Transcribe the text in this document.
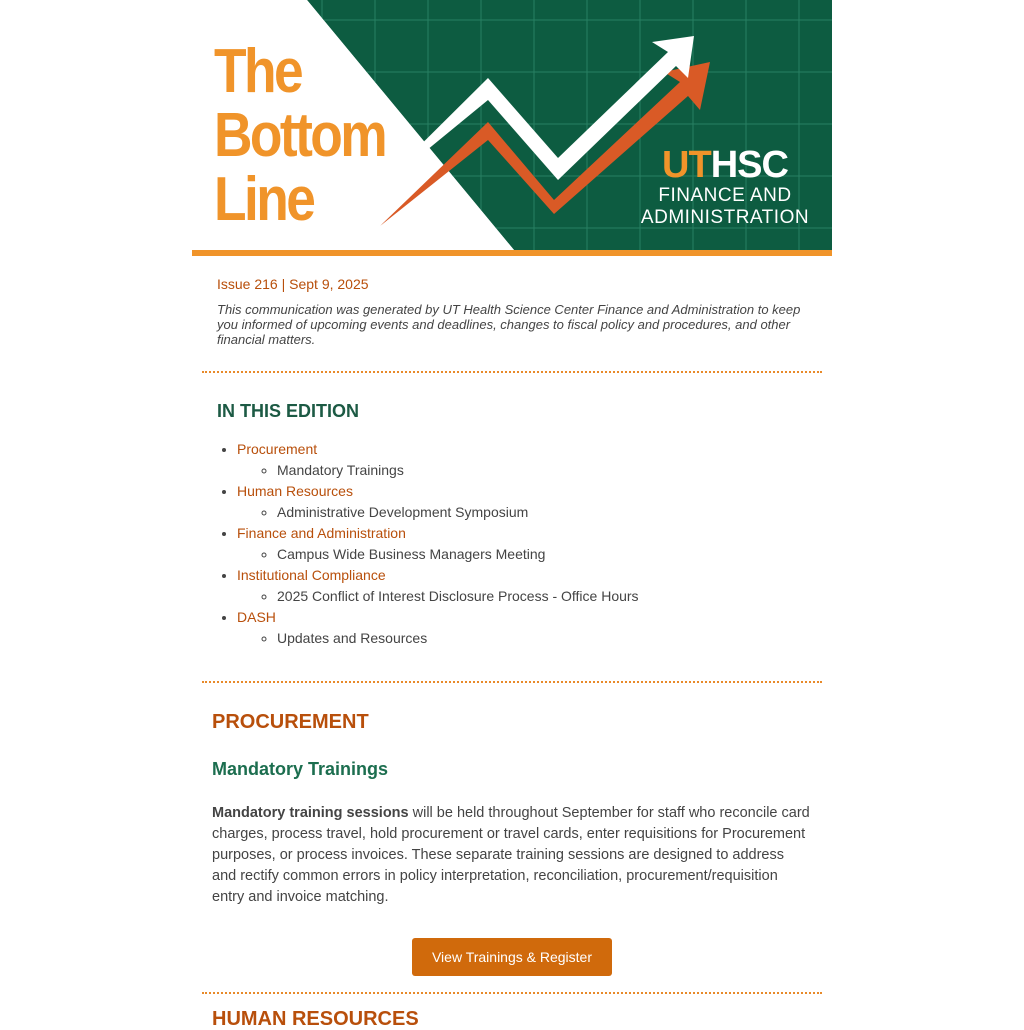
The
Bottom
Line	UTHSC
FINANCE AND
ADMINISTRATION
Issue 216 | Sept 9, 2025
This communication was generated by UT Health Science Center Finance and Administration to keep you informed of upcoming events and deadlines, changes to fiscal policy and procedures, and other financial matters.
IN THIS EDITION
• Procurement
◦ Mandatory Trainings
• Human Resources
◦ Administrative Development Symposium
• Finance and Administration
◦ Campus Wide Business Managers Meeting
• Institutional Compliance
◦ 2025 Conflict of Interest Disclosure Process - Office Hours
• DASH
◦ Updates and Resources
PROCUREMENT
Mandatory Trainings
Mandatory training sessions will be held throughout September for staff who reconcile card charges, process travel, hold procurement or travel cards, enter requisitions for Procurement purposes, or process invoices. These separate training sessions are designed to address and rectify common errors in policy interpretation, reconciliation, procurement/requisition entry and invoice matching.
View Trainings & Register
HUMAN RESOURCES
